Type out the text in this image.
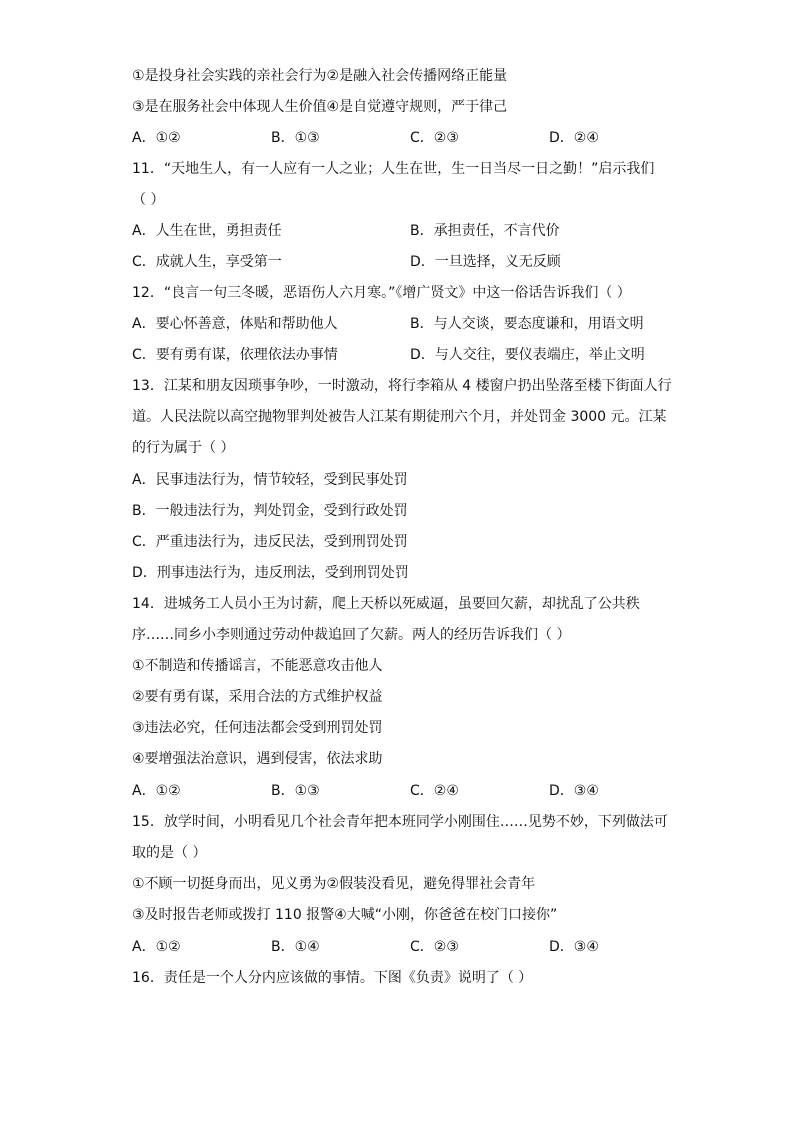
①是投身社会实践的亲社会行为②是融入社会传播网络正能量
③是在服务社会中体现人生价值④是自觉遵守规则，严于律己
A．①②	B．①③	C．②③	D．②④
11．“天地生人，有一人应有一人之业；人生在世，生一日当尽一日之勤！”启示我们
（ ）
A．人生在世，勇担责任	B．承担责任，不言代价
C．成就人生，享受第一	D．一旦选择，义无反顾
12．“良言一句三冬暖，恶语伤人六月寒。”《增广贤文》中这一俗话告诉我们（ ）
A．要心怀善意，体贴和帮助他人	B．与人交谈，要态度谦和，用语文明
C．要有勇有谋，依理依法办事情	D．与人交往，要仪表端庄，举止文明
13．江某和朋友因琐事争吵，一时激动，将行李箱从 4 楼窗户扔出坠落至楼下街面人行
道。人民法院以高空抛物罪判处被告人江某有期徒刑六个月，并处罚金 3000 元。江某
的行为属于（ ）
A．民事违法行为，情节较轻，受到民事处罚
B．一般违法行为，判处罚金，受到行政处罚
C．严重违法行为，违反民法，受到刑罚处罚
D．刑事违法行为，违反刑法，受到刑罚处罚
14．进城务工人员小王为讨薪，爬上天桥以死威逼，虽要回欠薪，却扰乱了公共秩
序……同乡小李则通过劳动仲裁追回了欠薪。两人的经历告诉我们（ ）
①不制造和传播谣言，不能恶意攻击他人
②要有勇有谋，采用合法的方式维护权益
③违法必究，任何违法都会受到刑罚处罚
④要增强法治意识，遇到侵害，依法求助
A．①②	B．①③	C．②④	D．③④
15．放学时间，小明看见几个社会青年把本班同学小刚围住……见势不妙，下列做法可
取的是（ ）
①不顾一切挺身而出，见义勇为②假装没看见，避免得罪社会青年
③及时报告老师或拨打 110 报警④大喊“小刚，你爸爸在校门口接你”
A．①②	B．①④	C．②③	D．③④
16．责任是一个人分内应该做的事情。下图《负责》说明了（ ）
